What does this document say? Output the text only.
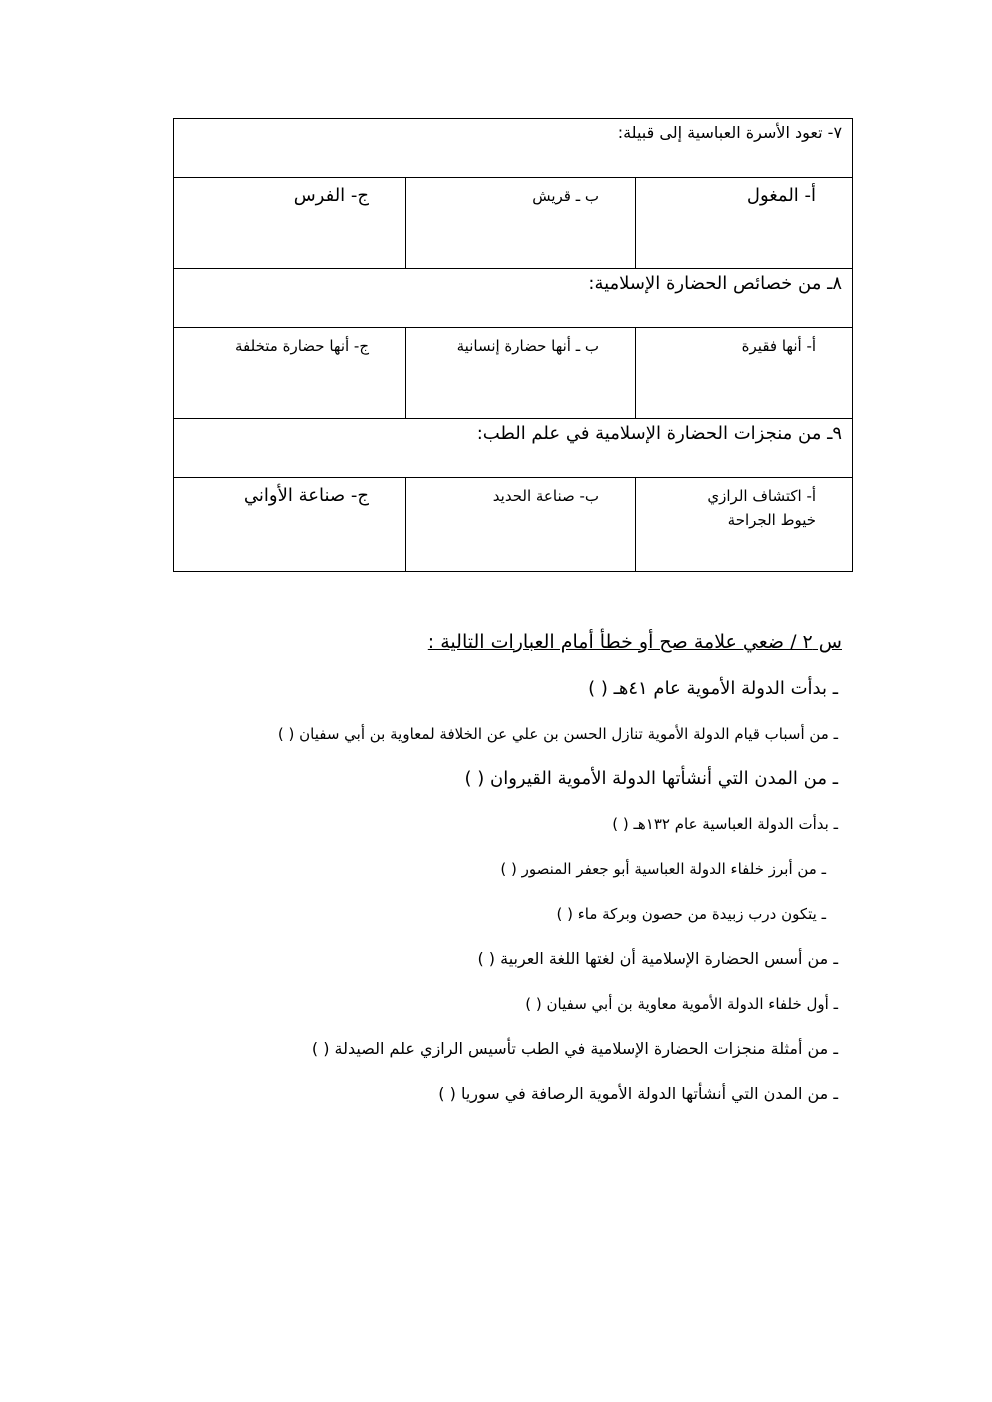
٧- تعود الأسرة العباسية إلى قبيلة:		

أ- المغول	ب ـ قريش	ج- الفرس

٨ـ من خصائص الحضارة الإسلامية:		

أ- أنها فقيرة	ب ـ أنها حضارة إنسانية	ج- أنها حضارة متخلفة

٩ـ من منجزات الحضارة الإسلامية في علم الطب:		

أ- اكتشاف الرازي
خيوط الجراحة	ب- صناعة الحديد	ج- صناعة الأواني
س ٢ / ضعي علامة صح أو خطأ أمام العبارات التالية :
ـ بدأت الدولة الأموية عام ٤١هـ ( )
ـ من أسباب قيام الدولة الأموية تنازل الحسن بن علي عن الخلافة لمعاوية بن أبي سفيان ( )
ـ من المدن التي أنشأتها الدولة الأموية القيروان ( )
ـ بدأت الدولة العباسية عام ١٣٢هـ ( )
ـ من أبرز خلفاء الدولة العباسية أبو جعفر المنصور ( )
ـ يتكون درب زبيدة من حصون وبركة ماء ( )
ـ من أسس الحضارة الإسلامية أن لغتها اللغة العربية ( )
ـ أول خلفاء الدولة الأموية معاوية بن أبي سفيان ( )
ـ من أمثلة منجزات الحضارة الإسلامية في الطب تأسيس الرازي علم الصيدلة ( )
ـ من المدن التي أنشأتها الدولة الأموية الرصافة في سوريا ( )
